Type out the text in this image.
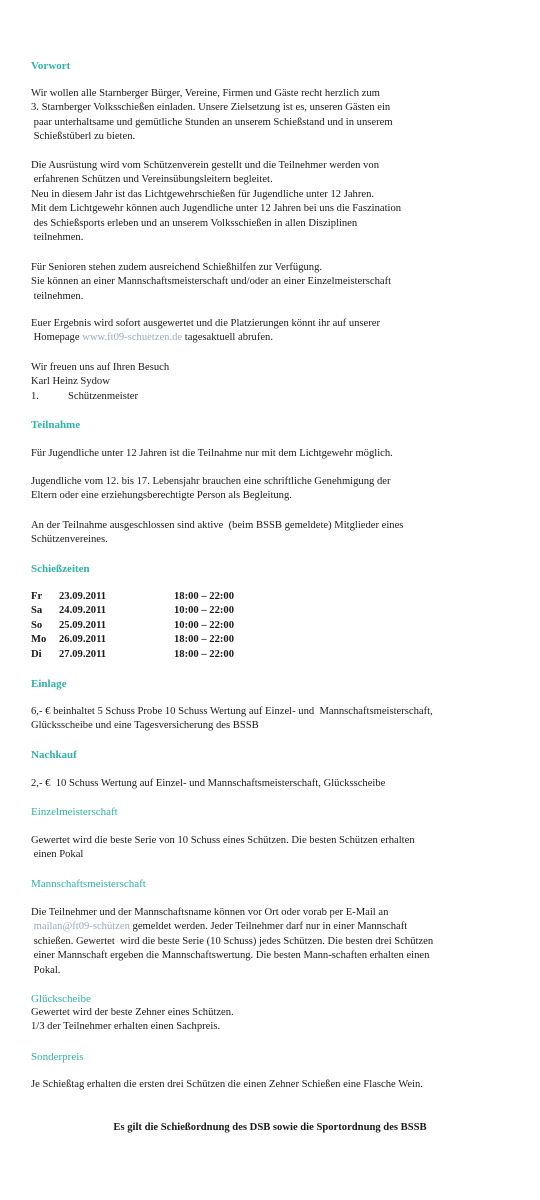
Vorwort
Wir wollen alle Starnberger Bürger, Vereine, Firmen und Gäste recht herzlich zum
3. Starnberger Volksschießen einladen. Unsere Zielsetzung ist es, unseren Gästen ein
paar unterhaltsame und gemütliche Stunden an unserem Schießstand und in unserem
Schießstüberl zu bieten.
Die Ausrüstung wird vom Schützenverein gestellt und die Teilnehmer werden von
erfahrenen Schützen und Vereinsübungsleitern begleitet.
Neu in diesem Jahr ist das Lichtgewehrschießen für Jugendliche unter 12 Jahren.
Mit dem Lichtgewehr können auch Jugendliche unter 12 Jahren bei uns die Faszination
des Schießsports erleben und an unserem Volksschießen in allen Disziplinen
teilnehmen.
Für Senioren stehen zudem ausreichend Schießhilfen zur Verfügung.
Sie können an einer Mannschaftsmeisterschaft und/oder an einer Einzelmeisterschaft
teilnehmen.
Euer Ergebnis wird sofort ausgewertet und die Platzierungen könnt ihr auf unserer
Homepage www.ft09-schuetzen.de tagesaktuell abrufen.
Wir freuen uns auf Ihren Besuch
Karl Heinz Sydow
1.	Schützenmeister
Teilnahme
Für Jugendliche unter 12 Jahren ist die Teilnahme nur mit dem Lichtgewehr möglich.
Jugendliche vom 12. bis 17. Lebensjahr brauchen eine schriftliche Genehmigung der
Eltern oder eine erziehungsberechtigte Person als Begleitung.
An der Teilnahme ausgeschlossen sind aktive  (beim BSSB gemeldete) Mitglieder eines
Schützenvereines.
Schießzeiten
Fr	23.09.2011	18:00 – 22:00
Sa	24.09.2011	10:00 – 22:00
So	25.09.2011	10:00 – 22:00
Mo	26.09.2011	18:00 – 22:00
Di	27.09.2011	18:00 – 22:00
Einlage
6,- € beinhaltet 5 Schuss Probe 10 Schuss Wertung auf Einzel- und  Mannschaftsmeisterschaft,
Glücksscheibe und eine Tagesversicherung des BSSB
Nachkauf
2,- €  10 Schuss Wertung auf Einzel- und Mannschaftsmeisterschaft, Glücksscheibe
Einzelmeisterschaft
Gewertet wird die beste Serie von 10 Schuss eines Schützen. Die besten Schützen erhalten
einen Pokal
Mannschaftsmeisterschaft
Die Teilnehmer und der Mannschaftsname können vor Ort oder vorab per E-Mail an
mailan@ft09-schützen gemeldet werden. Jeder Teilnehmer darf nur in einer Mannschaft
schießen. Gewertet  wird die beste Serie (10 Schuss) jedes Schützen. Die besten drei Schützen
einer Mannschaft ergeben die Mannschaftswertung. Die besten Mann-schaften erhalten einen
Pokal.
Glückscheibe
Gewertet wird der beste Zehner eines Schützen.
1/3 der Teilnehmer erhalten einen Sachpreis.
Sonderpreis
Je Schießtag erhalten die ersten drei Schützen die einen Zehner Schießen eine Flasche Wein.
Es gilt die Schießordnung des DSB sowie die Sportordnung des BSSB
